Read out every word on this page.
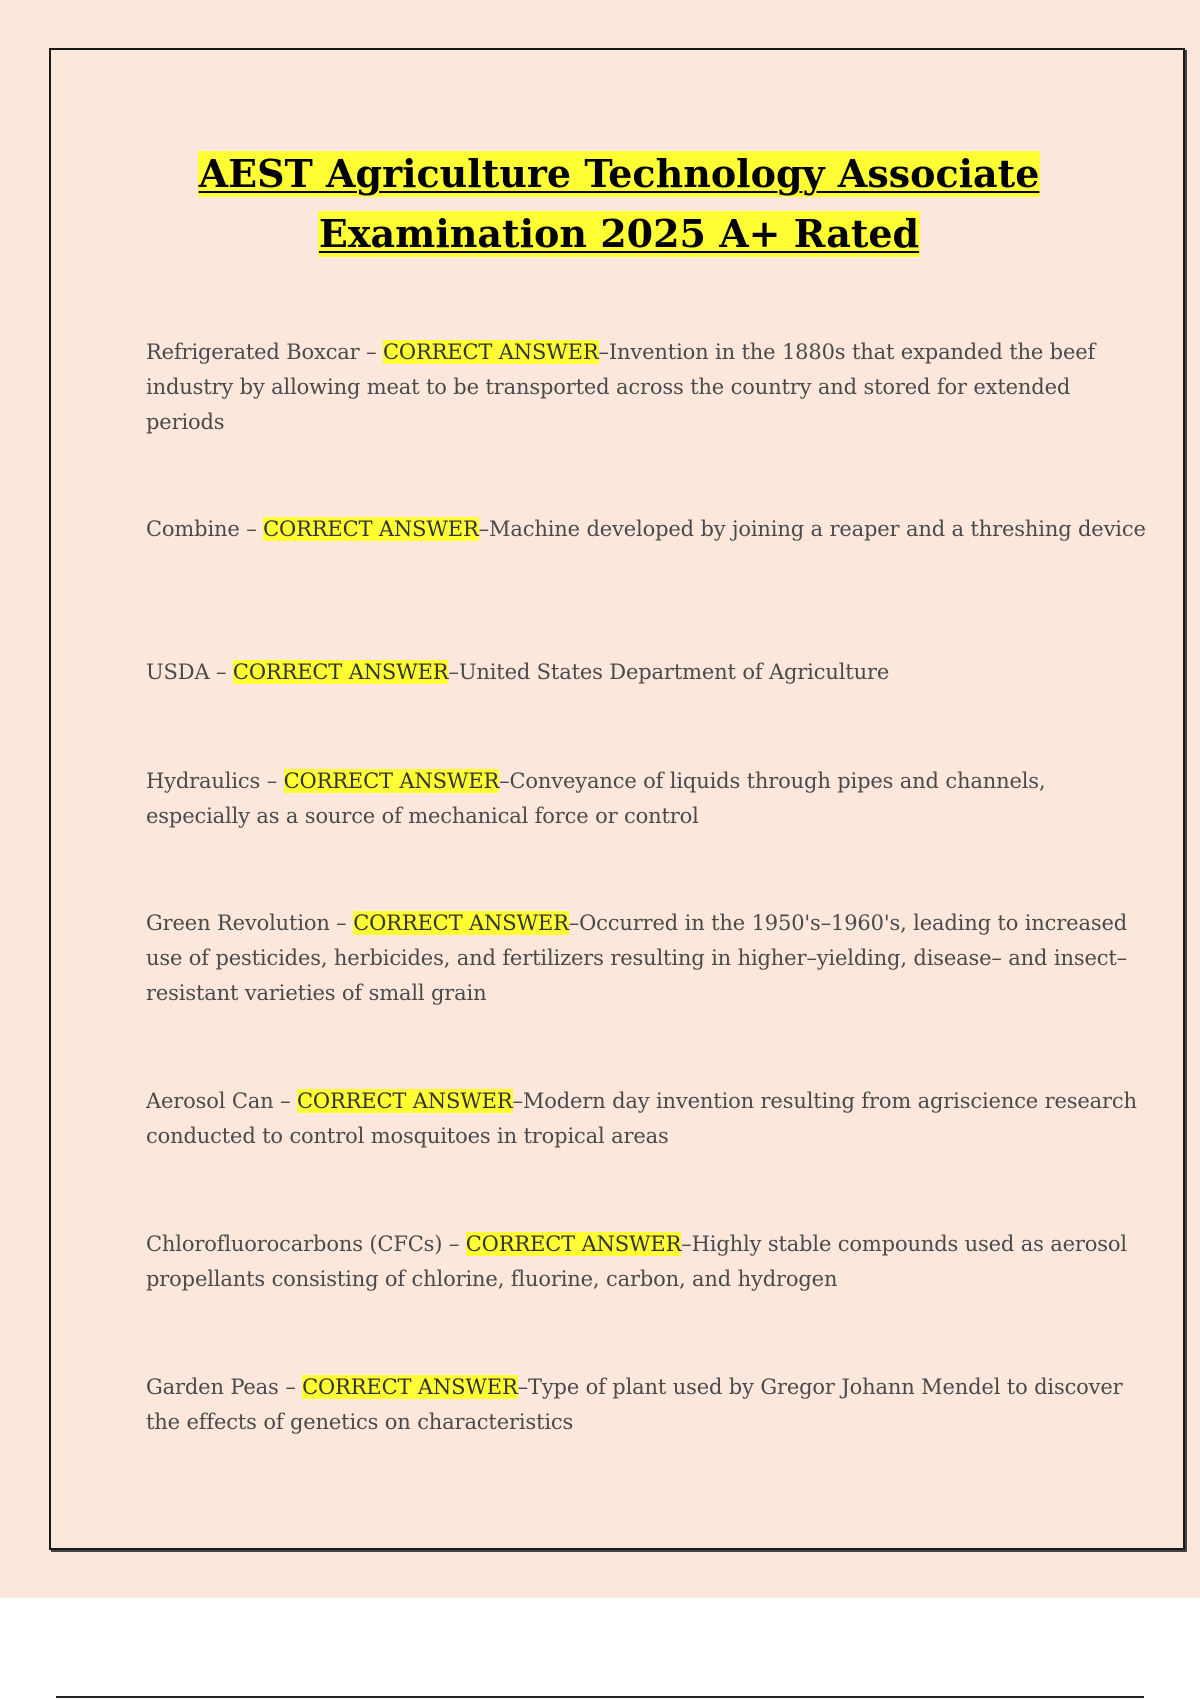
AEST Agriculture Technology Associate
Examination 2025 A+ Rated
Refrigerated Boxcar – CORRECT ANSWER–Invention in the 1880s that expanded the beef industry by allowing meat to be transported across the country and stored for extended periods
Combine – CORRECT ANSWER–Machine developed by joining a reaper and a threshing device
USDA – CORRECT ANSWER–United States Department of Agriculture
Hydraulics – CORRECT ANSWER–Conveyance of liquids through pipes and channels, especially as a source of mechanical force or control
Green Revolution – CORRECT ANSWER–Occurred in the 1950's–1960's, leading to increased use of pesticides, herbicides, and fertilizers resulting in higher–yielding, disease– and insect–resistant varieties of small grain
Aerosol Can – CORRECT ANSWER–Modern day invention resulting from agriscience research conducted to control mosquitoes in tropical areas
Chlorofluorocarbons (CFCs) – CORRECT ANSWER–Highly stable compounds used as aerosol propellants consisting of chlorine, fluorine, carbon, and hydrogen
Garden Peas – CORRECT ANSWER–Type of plant used by Gregor Johann Mendel to discover the effects of genetics on characteristics
